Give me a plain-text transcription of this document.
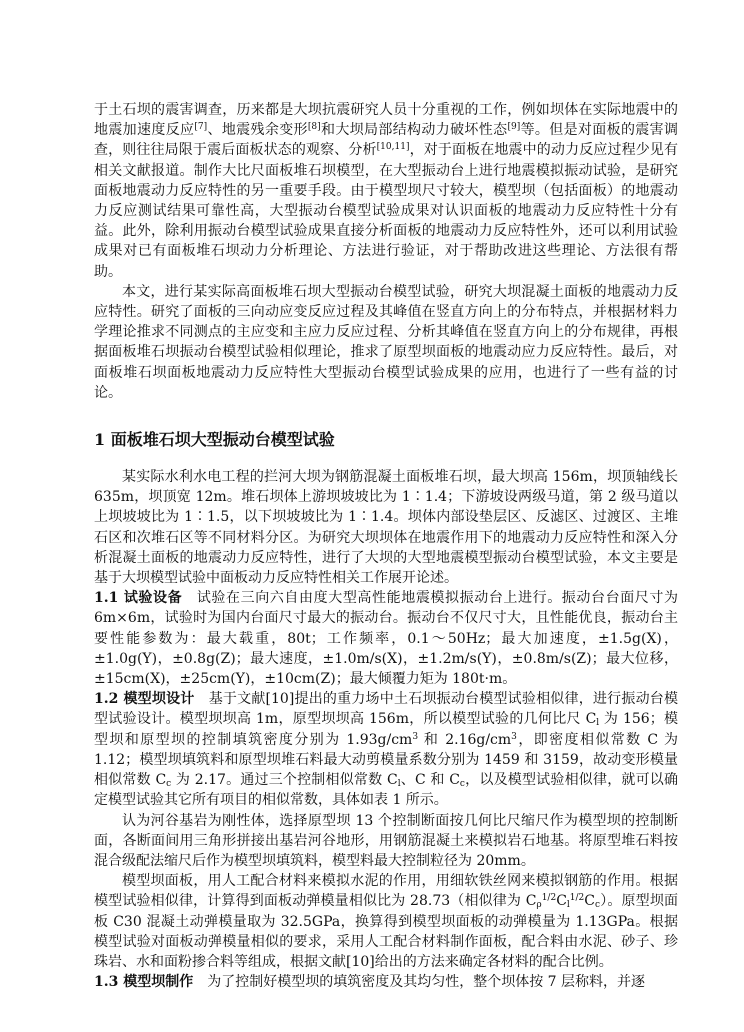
于土石坝的震害调查，历来都是大坝抗震研究人员十分重视的工作，例如坝体在实际地震中的地震加速度反应[7]、地震残余变形[8]和大坝局部结构动力破坏性态[9]等。但是对面板的震害调查，则往往局限于震后面板状态的观察、分析[10,11]，对于面板在地震中的动力反应过程少见有相关文献报道。制作大比尺面板堆石坝模型，在大型振动台上进行地震模拟振动试验，是研究面板地震动力反应特性的另一重要手段。由于模型坝尺寸较大，模型坝（包括面板）的地震动力反应测试结果可靠性高，大型振动台模型试验成果对认识面板的地震动力反应特性十分有益。此外，除利用振动台模型试验成果直接分析面板的地震动力反应特性外，还可以利用试验成果对已有面板堆石坝动力分析理论、方法进行验证，对于帮助改进这些理论、方法很有帮助。

本文，进行某实际高面板堆石坝大型振动台模型试验，研究大坝混凝土面板的地震动力反应特性。研究了面板的三向动应变反应过程及其峰值在竖直方向上的分布特点，并根据材料力学理论推求不同测点的主应变和主应力反应过程、分析其峰值在竖直方向上的分布规律，再根据面板堆石坝振动台模型试验相似理论，推求了原型坝面板的地震动应力反应特性。最后，对面板堆石坝面板地震动力反应特性大型振动台模型试验成果的应用，也进行了一些有益的讨论。

1 面板堆石坝大型振动台模型试验

某实际水利水电工程的拦河大坝为钢筋混凝土面板堆石坝，最大坝高 156m，坝顶轴线长 635m，坝顶宽 12m。堆石坝体上游坝坡坡比为 1∶1.4；下游坡设两级马道，第 2 级马道以上坝坡坡比为 1∶1.5，以下坝坡坡比为 1∶1.4。坝体内部设垫层区、反滤区、过渡区、主堆石区和次堆石区等不同材料分区。为研究大坝坝体在地震作用下的地震动力反应特性和深入分析混凝土面板的地震动力反应特性，进行了大坝的大型地震模型振动台模型试验，本文主要是基于大坝模型试验中面板动力反应特性相关工作展开论述。

1.1 试验设备  试验在三向六自由度大型高性能地震模拟振动台上进行。振动台台面尺寸为 6m×6m，试验时为国内台面尺寸最大的振动台。振动台不仅尺寸大，且性能优良，振动台主要性能参数为：最大载重，80t；工作频率，0.1～50Hz；最大加速度，±1.5g(X)，±1.0g(Y)，±0.8g(Z)；最大速度，±1.0m/s(X)，±1.2m/s(Y)，±0.8m/s(Z)；最大位移，±15cm(X)，±25cm(Y)，±10cm(Z)；最大倾覆力矩为 180t·m。

1.2 模型坝设计  基于文献[10]提出的重力场中土石坝振动台模型试验相似律，进行振动台模型试验设计。模型坝坝高 1m，原型坝坝高 156m，所以模型试验的几何比尺 $C_l$ 为 156；模型坝和原型坝的控制填筑密度分别为 $1.93g/cm^3$ 和 $2.16g/cm^3$，即密度相似常数 C 为 1.12；模型坝填筑料和原型坝堆石料最大动剪模量系数分别为 1459 和 3159，故动变形模量相似常数 $C_c$ 为 2.17。通过三个控制相似常数 $C_l$、C 和 $C_c$，以及模型试验相似律，就可以确定模型试验其它所有项目的相似常数，具体如表 1 所示。

认为河谷基岩为刚性体，选择原型坝 13 个控制断面按几何比尺缩尺作为模型坝的控制断面，各断面间用三角形拼接出基岩河谷地形，用钢筋混凝土来模拟岩石地基。将原型堆石料按混合级配法缩尺后作为模型坝填筑料，模型料最大控制粒径为 20mm。

模型坝面板，用人工配合材料来模拟水泥的作用，用细软铁丝网来模拟钢筋的作用。根据模型试验相似律，计算得到面板动弹模量相似比为 28.73（相似律为 $C_\rho^{1/2}C_l^{1/2}C_c$）。原型坝面板 C30 混凝土动弹模量取为 32.5GPa，换算得到模型坝面板的动弹模量为 1.13GPa。根据模型试验对面板动弹模量相似的要求，采用人工配合材料制作面板，配合料由水泥、砂子、珍珠岩、水和面粉掺合料等组成，根据文献[10]给出的方法来确定各材料的配合比例。

1.3 模型坝制作  为了控制好模型坝的填筑密度及其均匀性，整个坝体按 7 层称料，并逐
